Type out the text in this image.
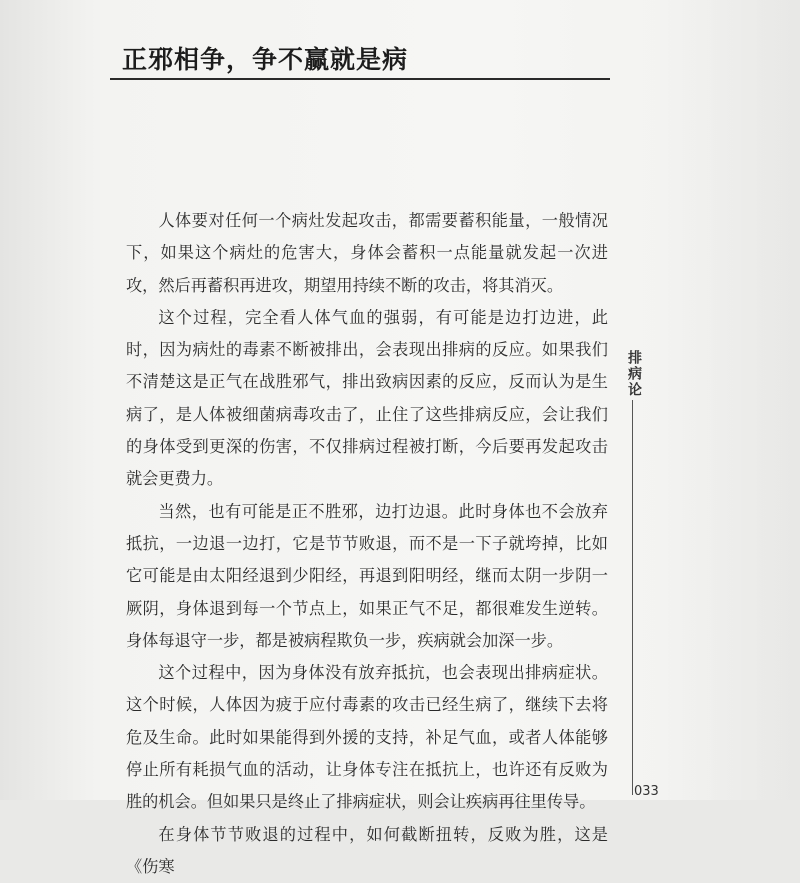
正邪相争，争不赢就是病

人体要对任何一个病灶发起攻击，都需要蓄积能量，一般情况下，如果这个病灶的危害大，身体会蓄积一点能量就发起一次进攻，然后再蓄积再进攻，期望用持续不断的攻击，将其消灭。

这个过程，完全看人体气血的强弱，有可能是边打边进，此时，因为病灶的毒素不断被排出，会表现出排病的反应。如果我们不清楚这是正气在战胜邪气，排出致病因素的反应，反而认为是生病了，是人体被细菌病毒攻击了，止住了这些排病反应，会让我们的身体受到更深的伤害，不仅排病过程被打断，今后要再发起攻击就会更费力。

当然，也有可能是正不胜邪，边打边退。此时身体也不会放弃抵抗，一边退一边打，它是节节败退，而不是一下子就垮掉，比如它可能是由太阳经退到少阳经，再退到阳明经，继而太阴一步阴一厥阴，身体退到每一个节点上，如果正气不足，都很难发生逆转。身体每退守一步，都是被病程欺负一步，疾病就会加深一步。

这个过程中，因为身体没有放弃抵抗，也会表现出排病症状。这个时候，人体因为疲于应付毒素的攻击已经生病了，继续下去将危及生命。此时如果能得到外援的支持，补足气血，或者人体能够停止所有耗损气血的活动，让身体专注在抵抗上，也许还有反败为胜的机会。但如果只是终止了排病症状，则会让疾病再往里传导。

在身体节节败退的过程中，如何截断扭转，反败为胜，这是《伤寒

排病论
033
